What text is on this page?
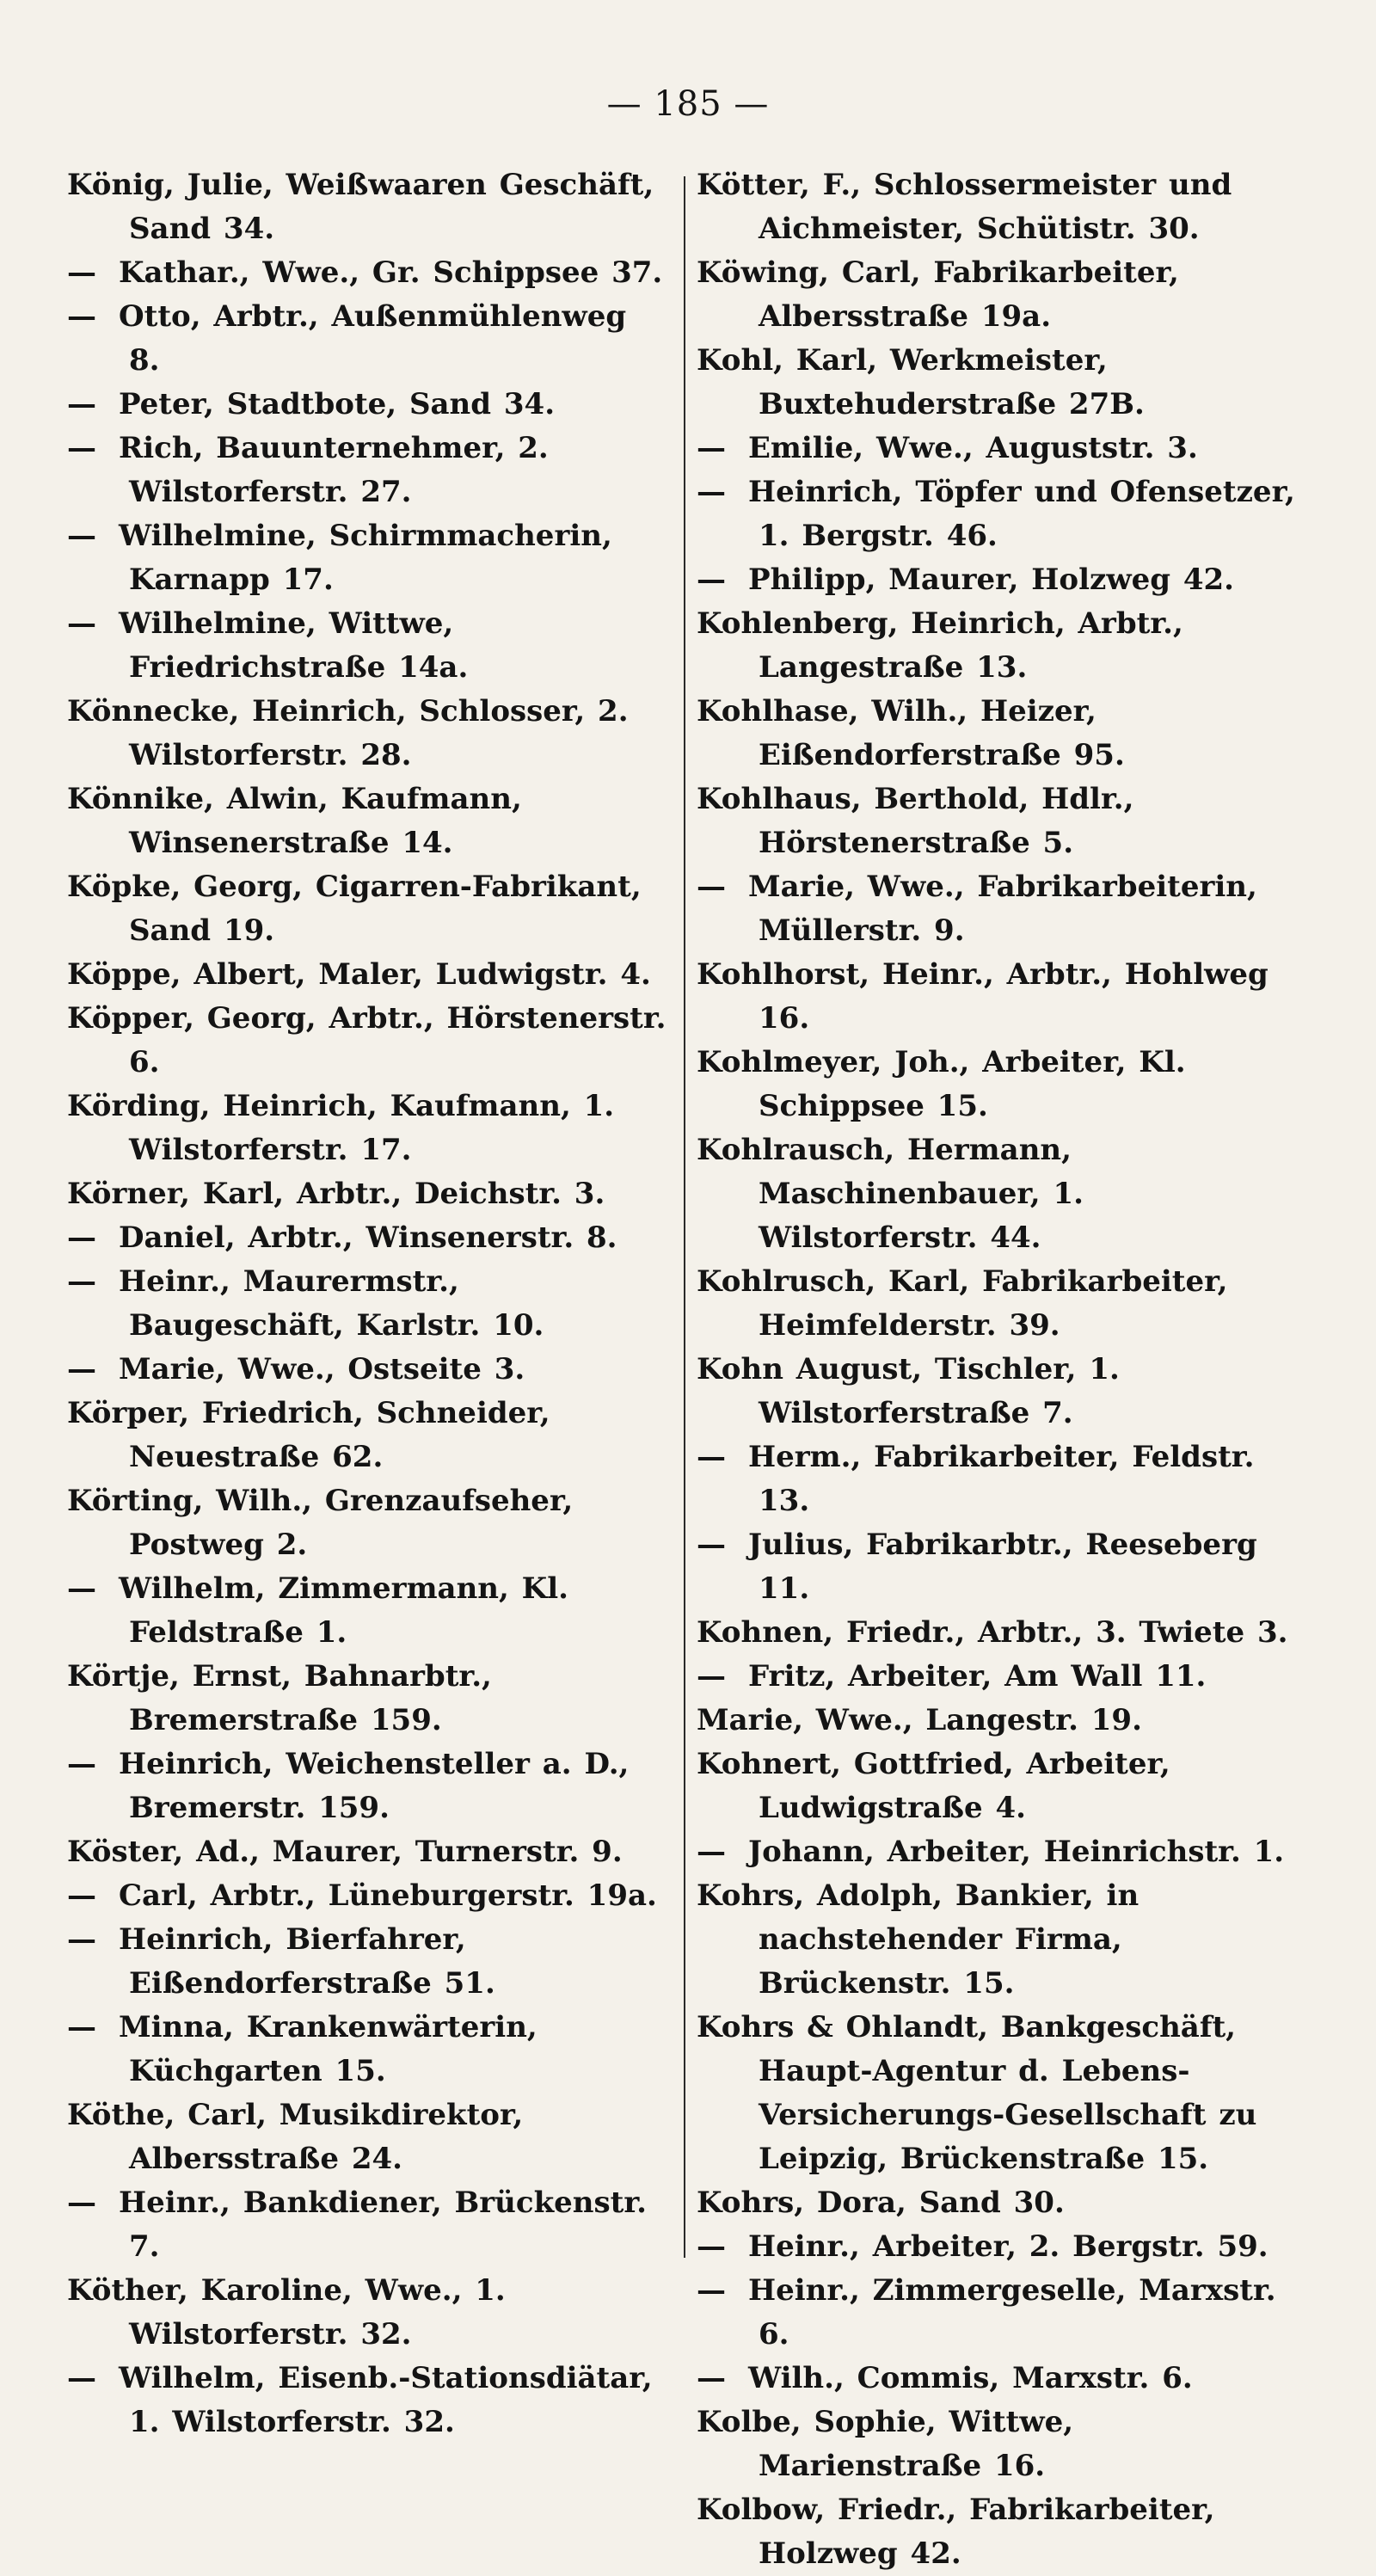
— 185 —
König, Julie, Weißwaaren Geschäft, Sand 34.
— Kathar., Wwe., Gr. Schippsee 37.
— Otto, Arbtr., Außenmühlenweg 8.
— Peter, Stadtbote, Sand 34.
— Rich, Bauunternehmer, 2. Wilstorferstr. 27.
— Wilhelmine, Schirmmacherin, Karnapp 17.
— Wilhelmine, Wittwe, Friedrichstraße 14a.
Könnecke, Heinrich, Schlosser, 2. Wilstorferstr. 28.
Könnike, Alwin, Kaufmann, Winsenerstraße 14.
Köpke, Georg, Cigarren-Fabrikant, Sand 19.
Köppe, Albert, Maler, Ludwigstr. 4.
Köpper, Georg, Arbtr., Hörstenerstr. 6.
Körding, Heinrich, Kaufmann, 1. Wilstorferstr. 17.
Körner, Karl, Arbtr., Deichstr. 3.
— Daniel, Arbtr., Winsenerstr. 8.
— Heinr., Maurermstr., Baugeschäft, Karlstr. 10.
— Marie, Wwe., Ostseite 3.
Körper, Friedrich, Schneider, Neuestraße 62.
Körting, Wilh., Grenzaufseher, Postweg 2.
— Wilhelm, Zimmermann, Kl. Feldstraße 1.
Körtje, Ernst, Bahnarbtr., Bremerstraße 159.
— Heinrich, Weichensteller a. D., Bremerstr. 159.
Köster, Ad., Maurer, Turnerstr. 9.
— Carl, Arbtr., Lüneburgerstr. 19a.
— Heinrich, Bierfahrer, Eißendorferstraße 51.
— Minna, Krankenwärterin, Küchgarten 15.
Köthe, Carl, Musikdirektor, Albersstraße 24.
— Heinr., Bankdiener, Brückenstr. 7.
Köther, Karoline, Wwe., 1. Wilstorferstr. 32.
— Wilhelm, Eisenb.-Stationsdiätar, 1. Wilstorferstr. 32.
Kötter, F., Schlossermeister und Aichmeister, Schütistr. 30.
Köwing, Carl, Fabrikarbeiter, Albersstraße 19a.
Kohl, Karl, Werkmeister, Buxtehuderstraße 27B.
— Emilie, Wwe., Auguststr. 3.
— Heinrich, Töpfer und Ofensetzer, 1. Bergstr. 46.
— Philipp, Maurer, Holzweg 42.
Kohlenberg, Heinrich, Arbtr., Langestraße 13.
Kohlhase, Wilh., Heizer, Eißendorferstraße 95.
Kohlhaus, Berthold, Hdlr., Hörstenerstraße 5.
— Marie, Wwe., Fabrikarbeiterin, Müllerstr. 9.
Kohlhorst, Heinr., Arbtr., Hohlweg 16.
Kohlmeyer, Joh., Arbeiter, Kl. Schippsee 15.
Kohlrausch, Hermann, Maschinenbauer, 1. Wilstorferstr. 44.
Kohlrusch, Karl, Fabrikarbeiter, Heimfelderstr. 39.
Kohn August, Tischler, 1. Wilstorferstraße 7.
— Herm., Fabrikarbeiter, Feldstr. 13.
— Julius, Fabrikarbtr., Reeseberg 11.
Kohnen, Friedr., Arbtr., 3. Twiete 3.
— Fritz, Arbeiter, Am Wall 11.
Marie, Wwe., Langestr. 19.
Kohnert, Gottfried, Arbeiter, Ludwigstraße 4.
— Johann, Arbeiter, Heinrichstr. 1.
Kohrs, Adolph, Bankier, in nachstehender Firma, Brückenstr. 15.
Kohrs & Ohlandt, Bankgeschäft, Haupt-Agentur d. Lebens-Versicherungs-Gesellschaft zu Leipzig, Brückenstraße 15.
Kohrs, Dora, Sand 30.
— Heinr., Arbeiter, 2. Bergstr. 59.
— Heinr., Zimmergeselle, Marxstr. 6.
— Wilh., Commis, Marxstr. 6.
Kolbe, Sophie, Wittwe, Marienstraße 16.
Kolbow, Friedr., Fabrikarbeiter, Holzweg 42.
